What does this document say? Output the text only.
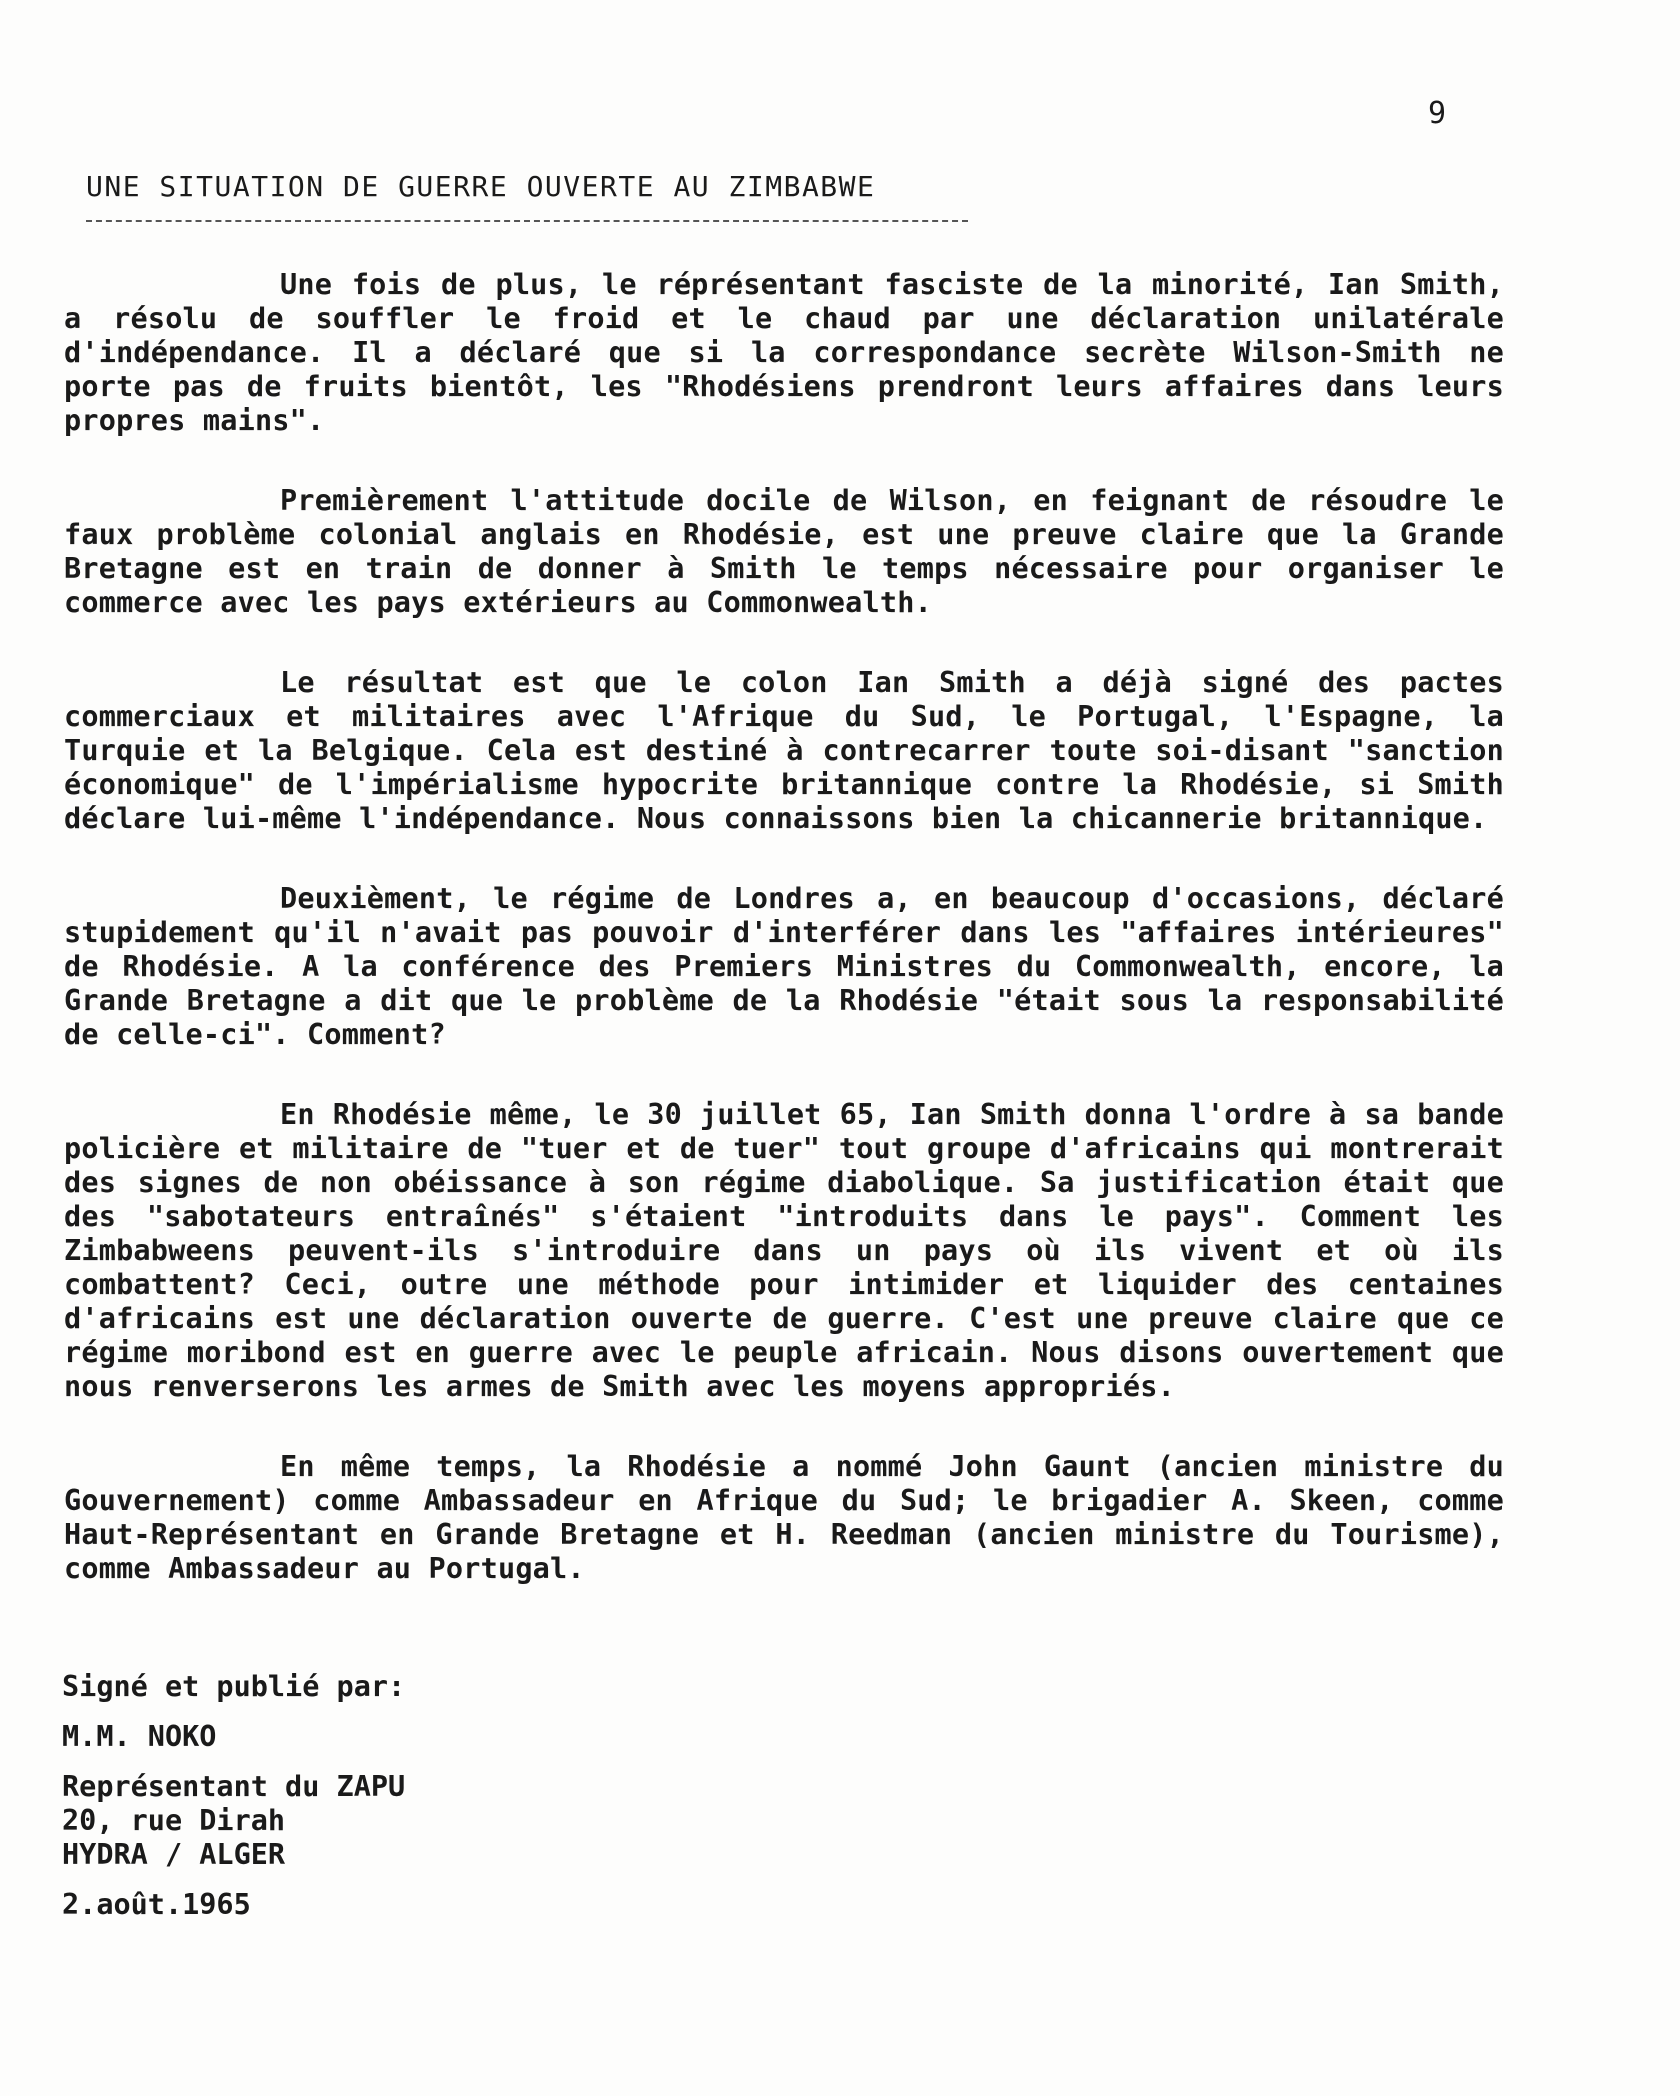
9
UNE SITUATION DE GUERRE OUVERTE AU ZIMBABWE

Une fois de plus, le réprésentant fasciste de la minorité, Ian Smith, a résolu de souffler le froid et le chaud par une déclaration unilatérale d'indépendance. Il a déclaré que si la correspondance secrète Wilson-Smith ne porte pas de fruits bientôt, les "Rhodésiens prendront leurs affaires dans leurs propres mains".

Premièrement l'attitude docile de Wilson, en feignant de résoudre le faux problème colonial anglais en Rhodésie, est une preuve claire que la Grande Bretagne est en train de donner à Smith le temps nécessaire pour organiser le commerce avec les pays extérieurs au Commonwealth.

Le résultat est que le colon Ian Smith a déjà signé des pactes commerciaux et militaires avec l'Afrique du Sud, le Portugal, l'Espagne, la Turquie et la Belgique. Cela est destiné à contrecarrer toute soi-disant "sanction économique" de l'impérialisme hypocrite britannique contre la Rhodésie, si Smith déclare lui-même l'indépendance. Nous connaissons bien la chicannerie britannique.

Deuxièment, le régime de Londres a, en beaucoup d'occasions, déclaré stupidement qu'il n'avait pas pouvoir d'interférer dans les "affaires intérieures" de Rhodésie. A la conférence des Premiers Ministres du Commonwealth, encore, la Grande Bretagne a dit que le problème de la Rhodésie "était sous la responsabilité de celle-ci". Comment?

En Rhodésie même, le 30 juillet 65, Ian Smith donna l'ordre à sa bande policière et militaire de "tuer et de tuer" tout groupe d'africains qui montrerait des signes de non obéissance à son régime diabolique. Sa justification était que des "sabotateurs entraînés" s'étaient "introduits dans le pays". Comment les Zimbabweens peuvent-ils s'introduire dans un pays où ils vivent et où ils combattent? Ceci, outre une méthode pour intimider et liquider des centaines d'africains est une déclaration ouverte de guerre. C'est une preuve claire que ce régime moribond est en guerre avec le peuple africain. Nous disons ouvertement que nous renverserons les armes de Smith avec les moyens appropriés.

En même temps, la Rhodésie a nommé John Gaunt (ancien ministre du Gouvernement) comme Ambassadeur en Afrique du Sud; le brigadier A. Skeen, comme Haut-Représentant en Grande Bretagne et H. Reedman (ancien ministre du Tourisme), comme Ambassadeur au Portugal.

Signé et publié par:

M.M. NOKO

Représentant du ZAPU

20, rue Dirah

HYDRA / ALGER

2.août.1965
